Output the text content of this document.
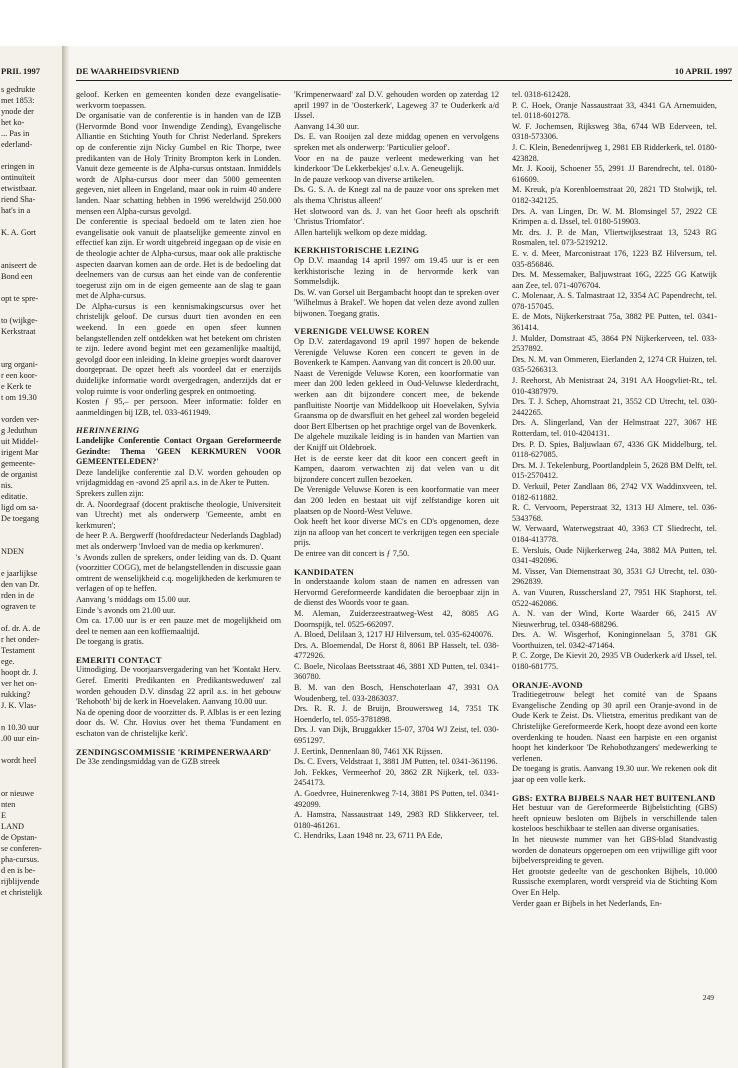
PRIL 1997
s gedrukte
met 1853:
ynode der
het ko-
... Pas in
ederland-
eringen in
ontinuïteit
etwistbaar.
riend Sha-
hat's in a
K. A. Gort
aniseert de
Bond een
opt te spre-
to (wijkge-
Kerkstraat
urg organi-
r een koor-
e Kerk te
t om 19.30
vorden ver-
g Jeduthun
uit Middel-
irigent Mar
gemeente-
de organist
nis.
editatie.
ligd om sa-
De toegang
NDEN
e jaarlijkse
den van Dr.
rden in de
ograven te
of. dr. A. de
r het onder-
Testament
ege.
hoopt dr. J.
ver het on-
rukking?
J. K. Vlas-
n 10.30 uur
.00 uur ein-
wordt heel
or nieuwe
nten
E
LAND
de Opstan-
se conferen-
pha-cursus.
d en is be-
rijblijvende
et christelijk
DE WAARHEIDSVRIEND	10 APRIL 1997

geloof. Kerken en gemeenten konden deze evangelisatie-werkvorm toepassen.

De organisatie van de conferentie is in handen van de IZB (Hervormde Bond voor Inwendige Zending), Evangelische Alliantie en Stichting Youth for Christ Nederland. Sprekers op de conferentie zijn Nicky Gumbel en Ric Thorpe, twee predikanten van de Holy Trinity Brompton kerk in Londen. Vanuit deze gemeente is de Alpha-cursus ontstaan. Inmiddels wordt de Alpha-cursus door meer dan 5000 gemeenten gegeven, niet alleen in Engeland, maar ook in ruim 40 andere landen. Naar schatting hebben in 1996 wereldwijd 250.000 mensen een Alpha-cursus gevolgd.

De conferentie is speciaal bedoeld om te laten zien hoe evangelisatie ook vanuit de plaatselijke gemeente zinvol en effectief kan zijn. Er wordt uitgebreid ingegaan op de visie en de theologie achter de Alpha-cursus, maar ook alle praktische aspecten daarvan komen aan de orde. Het is de bedoeling dat deelnemers van de cursus aan het einde van de conferentie toegerust zijn om in de eigen gemeente aan de slag te gaan met de Alpha-cursus.

De Alpha-cursus is een kennismakingscursus over het christelijk geloof. De cursus duurt tien avonden en een weekend. In een goede en open sfeer kunnen belangstellenden zelf ontdekken wat het betekent om christen te zijn. Iedere avond begint met een gezamenlijke maaltijd, gevolgd door een inleiding. In kleine groepjes wordt daarover doorgepraat. De opzet heeft als voordeel dat er enerzijds duidelijke informatie wordt overgedragen, anderzijds dat er volop ruimte is voor onderling gesprek en ontmoeting.

Kosten ƒ 95,– per persoon. Meer informatie: folder en aanmeldingen bij IZB, tel. 033-4611949.

HERINNERING

Landelijke Conferentie Contact Orgaan Gereformeerde Gezindte: Thema 'GEEN KERKMUREN VOOR GEMEENTELEDEN?'

Deze landelijke conferentie zal D.V. worden gehouden op vrijdagmiddag en -avond 25 april a.s. in de Aker te Putten.

Sprekers zullen zijn:

dr. A. Noordegraaf (docent praktische theologie, Universiteit van Utrecht) met als onderwerp 'Gemeente, ambt en kerkmuren';

de heer P. A. Bergwerff (hoofdredacteur Nederlands Dagblad) met als onderwerp 'Invloed van de media op kerkmuren'.

's Avonds zullen de sprekers, onder leiding van ds. D. Quant (voorzitter COGG), met de belangstellenden in discussie gaan omtrent de wenselijkheid c.q. mogelijkheden de kerkmuren te verlagen of op te heffen.

Aanvang 's middags om 15.00 uur.

Einde 's avonds om 21.00 uur.

Om ca. 17.00 uur is er een pauze met de mogelijkheid om deel te nemen aan een koffiemaaltijd.

De toegang is gratis.

EMERITI CONTACT

Uitnodiging. De voorjaarsvergadering van het 'Kontakt Herv. Geref. Emeriti Predikanten en Predikantsweduwen' zal worden gehouden D.V. dinsdag 22 april a.s. in het gebouw 'Rehoboth' bij de kerk in Hoevelaken. Aanvang 10.00 uur.

Na de opening door de voorzitter ds. P. Alblas is er een lezing door ds. W. Chr. Hovius over het thema 'Fundament en eschaton van de christelijke kerk'.

ZENDINGSCOMMISSIE 'KRIMPENERWAARD'

De 33e zendingsmiddag van de GZB streek

'Krimpenerwaard' zal D.V. gehouden worden op zaterdag 12 april 1997 in de 'Oosterkerk', Lageweg 37 te Ouderkerk a/d IJssel.

Aanvang 14.30 uur.

Ds. E. van Rooijen zal deze middag openen en vervolgens spreken met als onderwerp: 'Particulier geloof'.

Voor en na de pauze verleent medewerking van het kinderkoor 'De Lekkerbekjes' o.l.v. A. Geneugelijk.

In de pauze verkoop van diverse artikelen.

Ds. G. S. A. de Knegt zal na de pauze voor ons spreken met als thema 'Christus alleen!'

Het slotwoord van ds. J. van het Goor heeft als opschrift 'Christus Triomfator'.

Allen hartelijk welkom op deze middag.

KERKHISTORISCHE LEZING

Op D.V. maandag 14 april 1997 om 19.45 uur is er een kerkhistorische lezing in de hervormde kerk van Sommelsdijk.

Ds. W. van Gorsel uit Bergambacht hoopt dan te spreken over 'Wilhelmus à Brakel'. We hopen dat velen deze avond zullen bijwonen. Toegang gratis.

VERENIGDE VELUWSE KOREN

Op D.V. zaterdagavond 19 april 1997 hopen de bekende Verenigde Veluwse Koren een concert te geven in de Bovenkerk te Kampen. Aanvang van dit concert is 20.00 uur.

Naast de Verenigde Veluwse Koren, een koorformatie van meer dan 200 leden gekleed in Oud-Veluwse klederdracht, werken aan dit bijzondere concert mee, de bekende panfluitiste Noortje van Middelkoop uit Hoevelaken, Sylvia Graansma op de dwarsfluit en het geheel zal worden begeleid door Bert Elbertsen op het prachtige orgel van de Bovenkerk.

De algehele muzikale leiding is in handen van Martien van der Knijff uit Oldebroek.

Het is de eerste keer dat dit koor een concert geeft in Kampen, daarom verwachten zij dat velen van u dit bijzondere concert zullen bezoeken.

De Verenigde Veluwse Koren is een koorformatie van meer dan 200 leden en bestaat uit vijf zelfstandige koren uit plaatsen op de Noord-West Veluwe.

Ook heeft het koor diverse MC's en CD's opgenomen, deze zijn na afloop van het concert te verkrijgen tegen een speciale prijs.

De entree van dit concert is ƒ 7,50.

KANDIDATEN

In onderstaande kolom staan de namen en adressen van Hervormd Gereformeerde kandidaten die beroepbaar zijn in de dienst des Woords voor te gaan.

M. Aleman, Zuiderzeestraatweg-West 42, 8085 AG Doornspijk, tel. 0525-662097.

A. Bloed, Delilaan 3, 1217 HJ Hilversum, tel. 035-6240076.

Drs. A. Bloemendal, De Horst 8, 8061 BP Hasselt, tel. 038-4772926.

C. Boele, Nicolaas Beetsstraat 46, 3881 XD Putten, tel. 0341-360780.

B. M. van den Bosch, Henschoterlaan 47, 3931 OA Woudenberg, tel. 033-2863037.

Drs. R. R. J. de Bruijn, Brouwersweg 14, 7351 TK Hoenderlo, tel. 055-3781898.

Drs. J. van Dijk, Bruggakker 15-07, 3704 WJ Zeist, tel. 030-6951297.

J. Eertink, Dennenlaan 80, 7461 XK Rijssen.

Ds. C. Evers, Veldstraat 1, 3881 JM Putten, tel. 0341-361196.

Joh. Fekkes, Vermeerhof 20, 3862 ZR Nijkerk, tel. 033-2454173.

A. Goedvree, Huinerenkweg 7-14, 3881 PS Putten, tel. 0341-492099.

A. Hamstra, Nassaustraat 149, 2983 RD Slikkerveer, tel. 0180-461261.

C. Hendriks, Laan 1948 nr. 23, 6711 PA Ede,

tel. 0318-612428.

P. C. Hoek, Oranje Nassaustraat 33, 4341 GA Arnemuiden, tel. 0118-601278.

W. F. Jochemsen, Rijksweg 38a, 6744 WB Ederveen, tel. 0318-573306.

J. C. Klein, Benedenrijweg 1, 2981 EB Ridderkerk, tel. 0180-423828.

Mr. J. Kooij, Schoener 55, 2991 JJ Barendrecht, tel. 0180-616609.

M. Kreuk, p/a Korenbloemstraat 20, 2821 TD Stolwijk, tel. 0182-342125.

Drs. A. van Lingen, Dr. W. M. Blomsingel 57, 2922 CE Krimpen a. d. IJssel, tel. 0180-519903.

Mr. drs. J. P. de Man, Vliertwijksestraat 13, 5243 RG Rosmalen, tel. 073-5219212.

E. v. d. Meer, Marconistraat 176, 1223 BZ Hilversum, tel. 035-856846.

Drs. M. Messemaker, Baljuwstraat 16G, 2225 GG Katwijk aan Zee, tel. 071-4076704.

C. Molenaar, A. S. Talmastraat 12, 3354 AC Papendrecht, tel. 078-157045.

E. de Mots, Nijkerkerstraat 75a, 3882 PE Putten, tel. 0341-361414.

J. Mulder, Domstraat 45, 3864 PN Nijkerkerveen, tel. 033-2537892.

Drs. N. M. van Ommeren, Eierlanden 2, 1274 CR Huizen, tel. 035-5266313.

J. Reehorst, Ab Menistraat 24, 3191 AA Hoogvliet-Rt., tel. 010-4387979.

Drs. T. J. Schep, Ahornstraat 21, 3552 CD Utrecht, tel. 030-2442265.

Drs. A. Slingerland, Van der Helmstraat 227, 3067 HE Rotterdam, tel. 010-4204131.

Drs. P. D. Spies, Baljuwlaan 67, 4336 GK Middelburg, tel. 0118-627085.

Drs. M. J. Tekelenburg, Poortlandplein 5, 2628 BM Delft, tel. 015-2570412.

D. Verkuil, Peter Zandlaan 86, 2742 VX Waddinxveen, tel. 0182-611882.

R. C. Vervoorn, Peperstraat 32, 1313 HJ Almere, tel. 036-5343768.

W. Verwaard, Waterwegstraat 40, 3363 CT Sliedrecht, tel. 0184-413778.

E. Versluis, Oude Nijkerkerweg 24a, 3882 MA Putten, tel. 0341-492096.

M. Visser, Van Diemenstraat 30, 3531 GJ Utrecht, tel. 030-2962839.

A. van Vuuren, Russchersland 27, 7951 HK Staphorst, tel. 0522-462086.

A. N. van der Wind, Korte Waarder 66, 2415 AV Nieuwerbrug, tel. 0348-688296.

Drs. A. W. Wisgerhof, Koninginnelaan 5, 3781 GK Voorthuizen, tel. 0342-471464.

P. C. Zorge, De Kievit 20, 2935 VB Ouderkerk a/d IJssel, tel. 0180-681775.

ORANJE-AVOND

Traditiegetrouw belegt het comité van de Spaans Evangelische Zending op 30 april een Oranje-avond in de Oude Kerk te Zeist. Ds. Vlietstra, emeritus predikant van de Christelijke Gereformeerde Kerk, hoopt deze avond een korte overdenking te houden. Naast een harpiste en een organist hoopt het kinderkoor 'De Rehobothzangers' medewerking te verlenen.

De toegang is gratis. Aanvang 19.30 uur. We rekenen ook dit jaar op een volle kerk.

GBS: EXTRA BIJBELS NAAR HET BUITENLAND

Het bestuur van de Gereformeerde Bijbelstichting (GBS) heeft opnieuw besloten om Bijbels in verschillende talen kosteloos beschikbaar te stellen aan diverse organisaties.

In het nieuwste nummer van het GBS-blad Standvastig worden de donateurs opgeroepen om een vrijwillige gift voor bijbelverspreiding te geven.

Het grootste gedeelte van de geschonken Bijbels, 10.000 Russische exemplaren, wordt verspreid via de Stichting Kom Over En Help.

Verder gaan er Bijbels in het Nederlands, En-

249
